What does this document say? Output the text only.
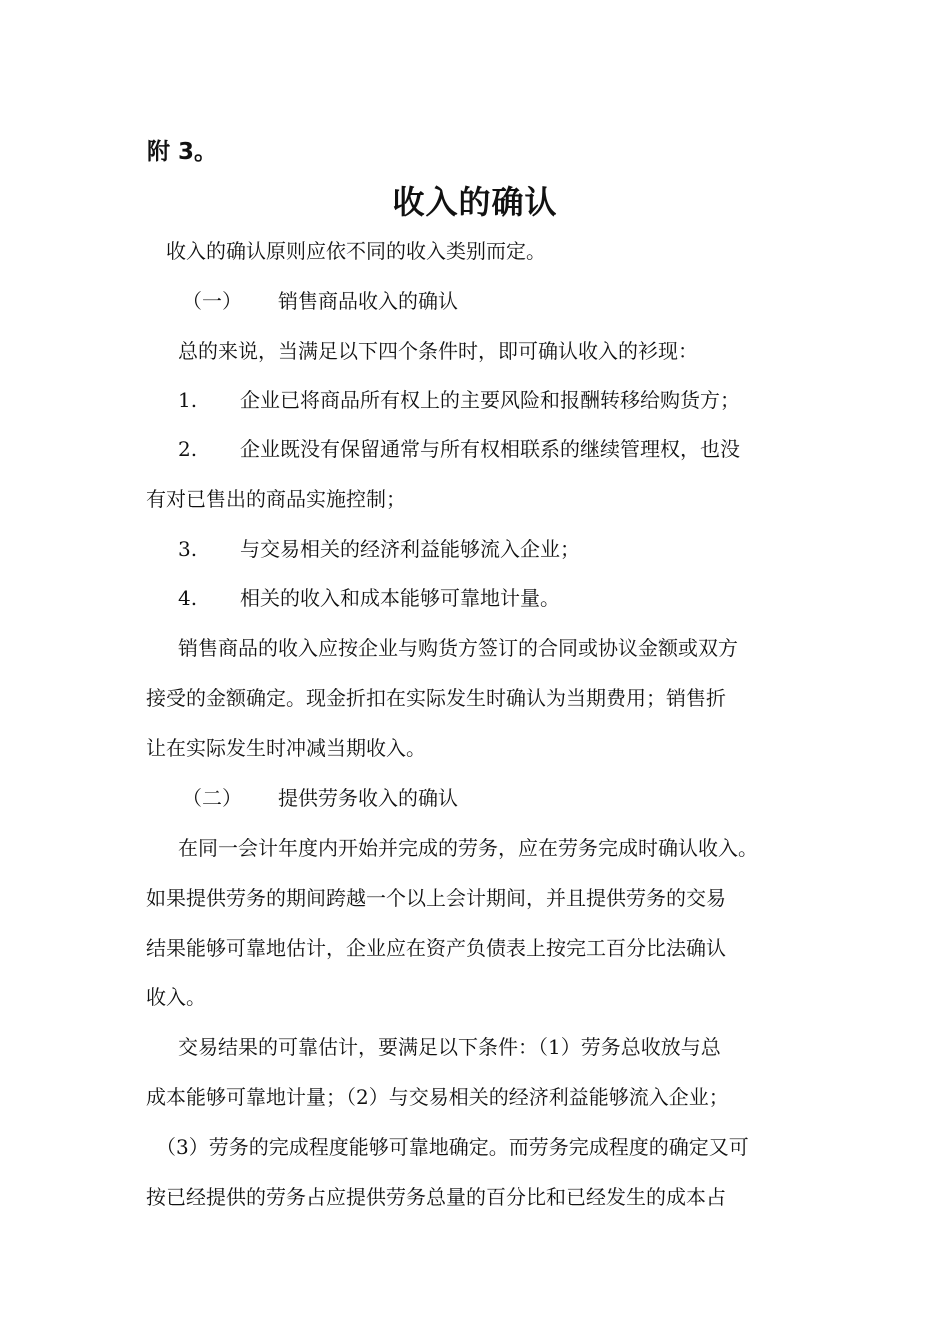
附 3。
收入的确认
收入的确认原则应依不同的收入类别而定。
（一） 销售商品收入的确认
总的来说，当满足以下四个条件时，即可确认收入的衫现：
1. 企业已将商品所有权上的主要风险和报酬转移给购货方；
2. 企业既没有保留通常与所有权相联系的继续管理权，也没
有对已售出的商品实施控制；
3. 与交易相关的经济利益能够流入企业；
4. 相关的收入和成本能够可靠地计量。
销售商品的收入应按企业与购货方签订的合同或协议金额或双方
接受的金额确定。现金折扣在实际发生时确认为当期费用；销售折
让在实际发生时冲减当期收入。
（二） 提供劳务收入的确认
在同一会计年度内开始并完成的劳务，应在劳务完成时确认收入。
如果提供劳务的期间跨越一个以上会计期间，并且提供劳务的交易
结果能够可靠地估计，企业应在资产负债表上按完工百分比法确认
收入。
交易结果的可靠估计，要满足以下条件：（1）劳务总收放与总
成本能够可靠地计量；（2）与交易相关的经济利益能够流入企业；
（3）劳务的完成程度能够可靠地确定。而劳务完成程度的确定又可
按已经提供的劳务占应提供劳务总量的百分比和已经发生的成本占
